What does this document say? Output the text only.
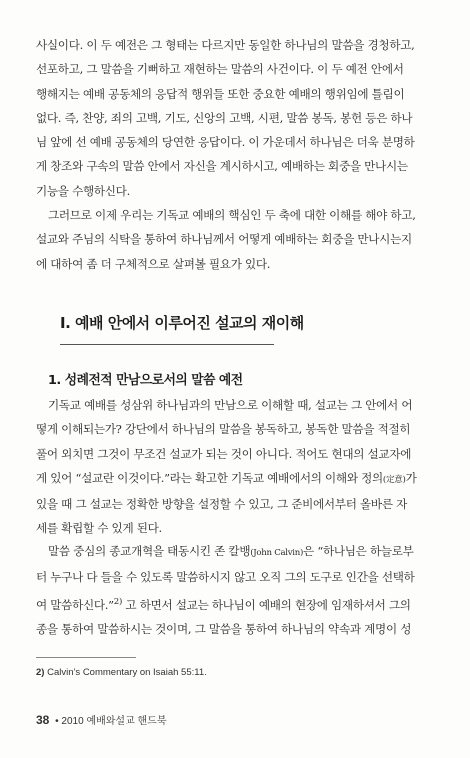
사실이다. 이 두 예전은 그 형태는 다르지만 동일한 하나님의 말씀을 경청하고,
선포하고, 그 말씀을 기뻐하고 재현하는 말씀의 사건이다. 이 두 예전 안에서
행해지는 예배 공동체의 응답적 행위들 또한 중요한 예배의 행위임에 틀림이
없다. 즉, 찬양, 죄의 고백, 기도, 신앙의 고백, 시편, 말씀 봉독, 봉헌 등은 하나
님 앞에 선 예배 공동체의 당연한 응답이다. 이 가운데서 하나님은 더욱 분명하
게 창조와 구속의 말씀 안에서 자신을 계시하시고, 예배하는 회중을 만나시는
기능을 수행하신다.
그러므로 이제 우리는 기독교 예배의 핵심인 두 축에 대한 이해를 해야 하고,
설교와 주님의 식탁을 통하여 하나님께서 어떻게 예배하는 회중을 만나시는지
에 대하여 좀 더 구체적으로 살펴볼 필요가 있다.
I. 예배 안에서 이루어진 설교의 재이해
1. 성례전적 만남으로서의 말씀 예전
기독교 예배를 성삼위 하나님과의 만남으로 이해할 때, 설교는 그 안에서 어
떻게 이해되는가? 강단에서 하나님의 말씀을 봉독하고, 봉독한 말씀을 적절히
풀어 외치면 그것이 무조건 설교가 되는 것이 아니다. 적어도 현대의 설교자에
게 있어 “설교란 이것이다.”라는 확고한 기독교 예배에서의 이해와 정의(定意)가
있을 때 그 설교는 정확한 방향을 설정할 수 있고, 그 준비에서부터 올바른 자
세를 확립할 수 있게 된다.
말씀 중심의 종교개혁을 태동시킨 존 칼뱅(John Calvin)은 “하나님은 하늘로부
터 누구나 다 들을 수 있도록 말씀하시지 않고 오직 그의 도구로 인간을 선택하
여 말씀하신다.”$^{2)}$ 고 하면서 설교는 하나님이 예배의 현장에 임재하셔서 그의
종을 통하여 말씀하시는 것이며, 그 말씀을 통하여 하나님의 약속과 계명이 성
2) Calvin’s Commentary on Isaiah 55:11.
38 • 2010 예배와설교 핸드북
